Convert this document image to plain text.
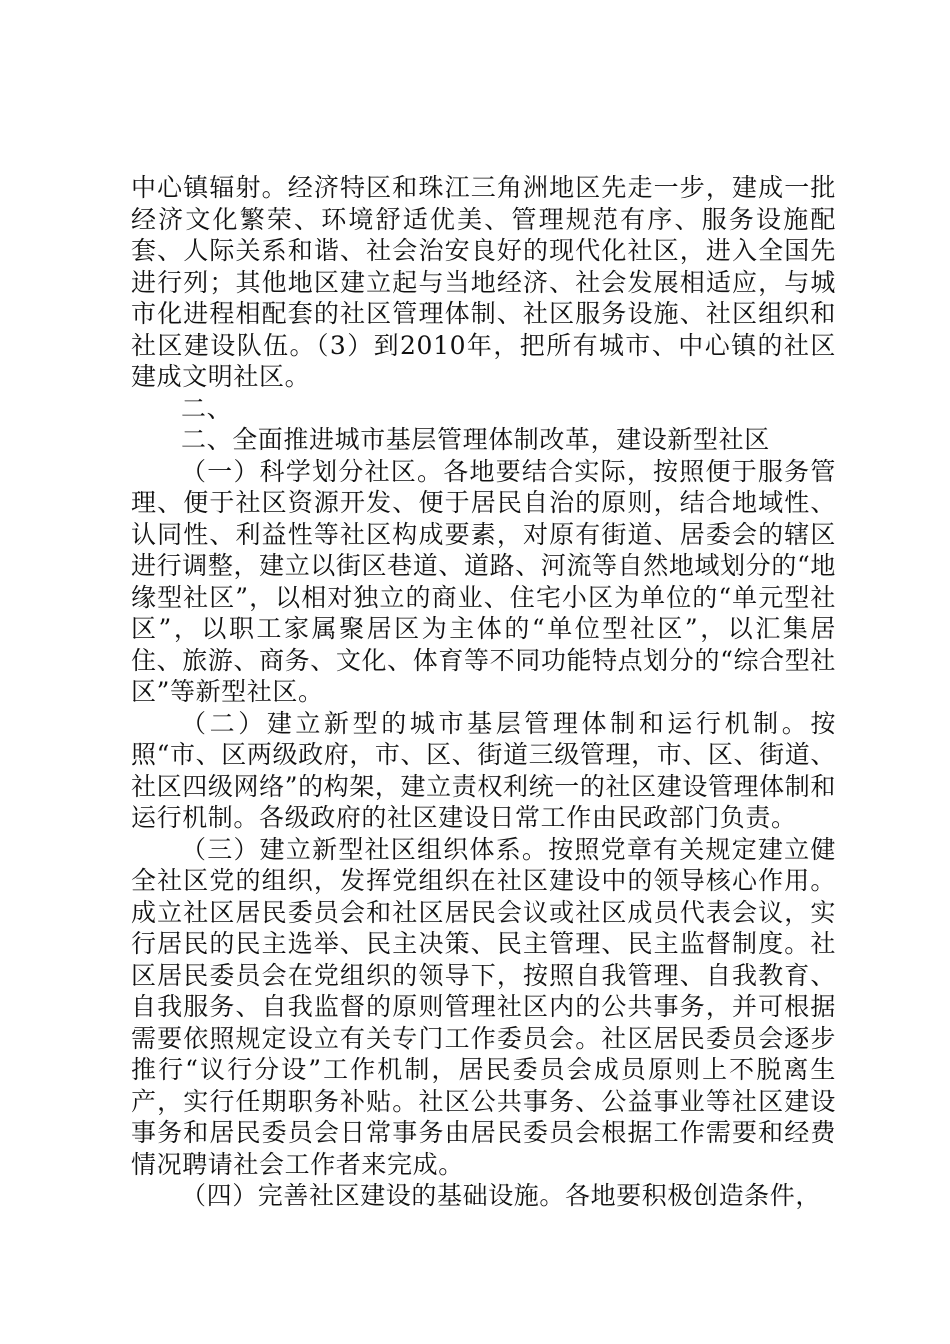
中心镇辐射。经济特区和珠江三角洲地区先走一步，建成一批经济文化繁荣、环境舒适优美、管理规范有序、服务设施配套、人际关系和谐、社会治安良好的现代化社区，进入全国先进行列；其他地区建立起与当地经济、社会发展相适应，与城市化进程相配套的社区管理体制、社区服务设施、社区组织和社区建设队伍。（3）到2010年，把所有城市、中心镇的社区建成文明社区。

二、

二、全面推进城市基层管理体制改革，建设新型社区

（一）科学划分社区。各地要结合实际，按照便于服务管理、便于社区资源开发、便于居民自治的原则，结合地域性、认同性、利益性等社区构成要素，对原有街道、居委会的辖区进行调整，建立以街区巷道、道路、河流等自然地域划分的“地缘型社区”，以相对独立的商业、住宅小区为单位的“单元型社区”，以职工家属聚居区为主体的“单位型社区”，以汇集居住、旅游、商务、文化、体育等不同功能特点划分的“综合型社区”等新型社区。

（二）建立新型的城市基层管理体制和运行机制。按照“市、区两级政府，市、区、街道三级管理，市、区、街道、社区四级网络”的构架，建立责权利统一的社区建设管理体制和运行机制。各级政府的社区建设日常工作由民政部门负责。

（三）建立新型社区组织体系。按照党章有关规定建立健全社区党的组织，发挥党组织在社区建设中的领导核心作用。成立社区居民委员会和社区居民会议或社区成员代表会议，实行居民的民主选举、民主决策、民主管理、民主监督制度。社区居民委员会在党组织的领导下，按照自我管理、自我教育、自我服务、自我监督的原则管理社区内的公共事务，并可根据需要依照规定设立有关专门工作委员会。社区居民委员会逐步推行“议行分设”工作机制，居民委员会成员原则上不脱离生产，实行任期职务补贴。社区公共事务、公益事业等社区建设事务和居民委员会日常事务由居民委员会根据工作需要和经费情况聘请社会工作者来完成。

（四）完善社区建设的基础设施。各地要积极创造条件，
